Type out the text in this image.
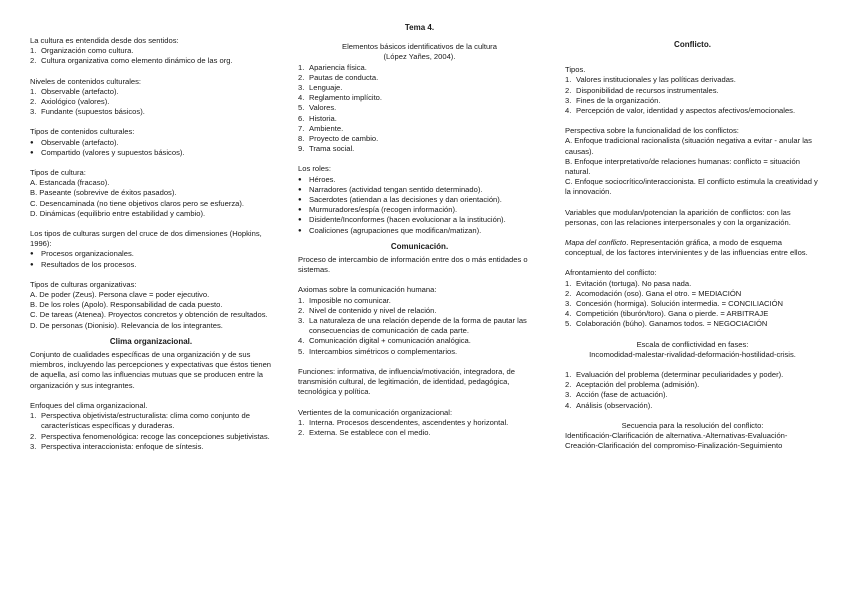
La cultura es entendida desde dos sentidos:

1. Organización como cultura.
2. Cultura organizativa como elemento dinámico de las org.

Niveles de contenidos culturales:

1. Observable (artefacto).
2. Axiológico (valores).
3. Fundante (supuestos básicos).

Tipos de contenidos culturales:

● Observable (artefacto).
● Compartido (valores y supuestos básicos).

Tipos de cultura:

A. Estancada (fracaso).

B. Paseante (sobrevive de éxitos pasados).

C. Desencaminada (no tiene objetivos claros pero se esfuerza).

D. Dinámicas (equilibrio entre estabilidad y cambio).

Los tipos de culturas surgen del cruce de dos dimensiones (Hopkins, 1996):

● Procesos organizacionales.
● Resultados de los procesos.

Tipos de culturas organizativas:

A. De poder (Zeus). Persona clave = poder ejecutivo.

B. De los roles (Apolo). Responsabilidad de cada puesto.

C. De tareas (Atenea). Proyectos concretos y obtención de resultados.

D. De personas (Dionisio). Relevancia de los integrantes.

Clima organizacional.

Conjunto de cualidades específicas de una organización y de sus miembros, incluyendo las percepciones y expectativas que éstos tienen de aquella, así como las influencias mutuas que se producen entre la organización y sus integrantes.

Enfoques del clima organizacional.

1. Perspectiva objetivista/estructuralista: clima como conjunto de características específicas y duraderas.
2. Perspectiva fenomenológica: recoge las concepciones subjetivistas.
3. Perspectiva interaccionista: enfoque de síntesis.

Tema 4.

Elementos básicos identificativos de la cultura

(López Yañes, 2004).

1. Apariencia física.
2. Pautas de conducta.
3. Lenguaje.
4. Reglamento implícito.
5. Valores.
6. Historia.
7. Ambiente.
8. Proyecto de cambio.
9. Trama social.

Los roles:

● Héroes.
● Narradores (actividad tengan sentido determinado).
● Sacerdotes (atiendan a las decisiones y dan orientación).
● Murmuradores/espía (recogen información).
● Disidente/Inconformes (hacen evolucionar a la institución).
● Coaliciones (agrupaciones que modifican/matizan).

Comunicación.

Proceso de intercambio de información entre dos o más entidades o sistemas.

Axiomas sobre la comunicación humana:

1. Imposible no comunicar.
2. Nivel de contenido y nivel de relación.
3. La naturaleza de una relación depende de la forma de pautar las consecuencias de comunicación de cada parte.
4. Comunicación digital + comunicación analógica.
5. Intercambios simétricos o complementarios.

Funciones: informativa, de influencia/motivación, integradora, de transmisión cultural, de legitimación, de identidad, pedagógica, tecnológica y política.

Vertientes de la comunicación organizacional:

1. Interna. Procesos descendentes, ascendentes y horizontal.
2. Externa. Se establece con el medio.

Conflicto.

Tipos.

1. Valores institucionales y las políticas derivadas.
2. Disponibilidad de recursos instrumentales.
3. Fines de la organización.
4. Percepción de valor, identidad y aspectos afectivos/emocionales.

Perspectiva sobre la funcionalidad de los conflictos:

A. Enfoque tradicional racionalista (situación negativa a evitar - anular las causas).

B. Enfoque interpretativo/de relaciones humanas: conflicto = situación natural.

C. Enfoque sociocrítico/interaccionista. El conflicto estimula la creatividad y la innovación.

Variables que modulan/potencian la aparición de conflictos: con las personas, con las relaciones interpersonales y con la organización.

Mapa del conflicto. Representación gráfica, a modo de esquema conceptual, de los factores intervinientes y de las influencias entre ellos.

Afrontamiento del conflicto:

1. Evitación (tortuga). No pasa nada.
2. Acomodación (oso). Gana el otro. = MEDIACIÓN
3. Concesión (hormiga). Solución intermedia. = CONCILIACIÓN
4. Competición (tiburón/toro). Gana o pierde. = ARBITRAJE
5. Colaboración (búho). Ganamos todos. = NEGOCIACIÓN

Escala de conflictividad en fases:

Incomodidad-malestar-rivalidad-deformación-hostilidad-crisis.

1. Evaluación del problema (determinar peculiaridades y poder).
2. Aceptación del problema (admisión).
3. Acción (fase de actuación).
4. Análisis (observación).

Secuencia para la resolución del conflicto:

Identificación-Clarificación de alternativa.-Alternativas-Evaluación-Creación-Clarificación del compromiso-Finalización-Seguimiento
